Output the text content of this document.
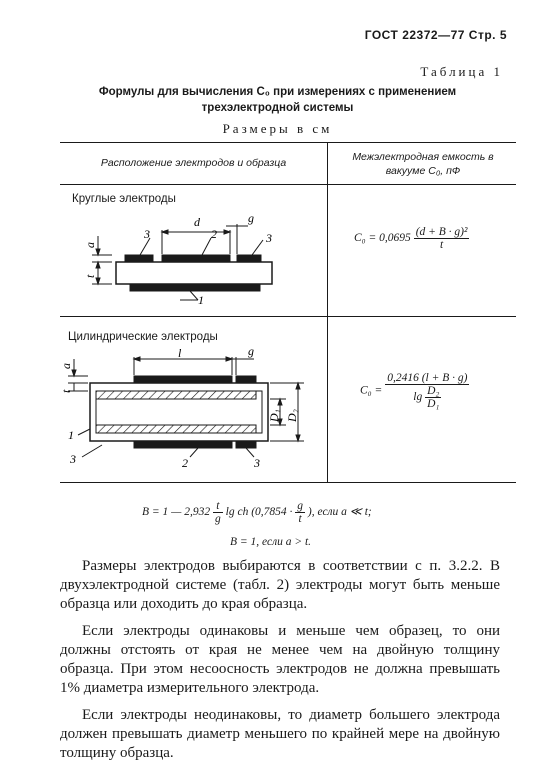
ГОСТ 22372—77 Стр. 5
Таблица 1
Формулы для вычисления C₀ при измерениях с применением
трехэлектродной системы
Размеры в см
Расположение электродов и образца	Межэлектродная емкость в
вакууме C₀, пФ
Круглые электроды
d	g
3	2	3
1
a
t
$C_0 = 0,0695 \frac{\text{(d + B · g)²}}{t}$
Цилиндрические электроды
l	g
a
t
D₁ D₂
1
3	2	3
$C_0 = \frac{0,2416 (l + B \cdot g)}{\lg \frac{\text{D₂}}{\text{D₁}}}$
B = 1 — $2,932 \frac{t}{g}$ lg ch ($0,7854 \cdot \frac{g}{t}$ ), если a ≪ t;
B = 1, если a > t.

Размеры электродов выбираются в соответствии с п. 3.2.2. В двухэлектродной системе (табл. 2) электроды могут быть меньше образца или доходить до края образца.

Если электроды одинаковы и меньше чем образец, то они должны отстоять от края не менее чем на двойную толщину образца. При этом несоосность электродов не должна превышать 1% диаметра измерительного электрода.

Если электроды неодинаковы, то диаметр большего электрода должен превышать диаметр меньшего по крайней мере на двойную толщину образца.
